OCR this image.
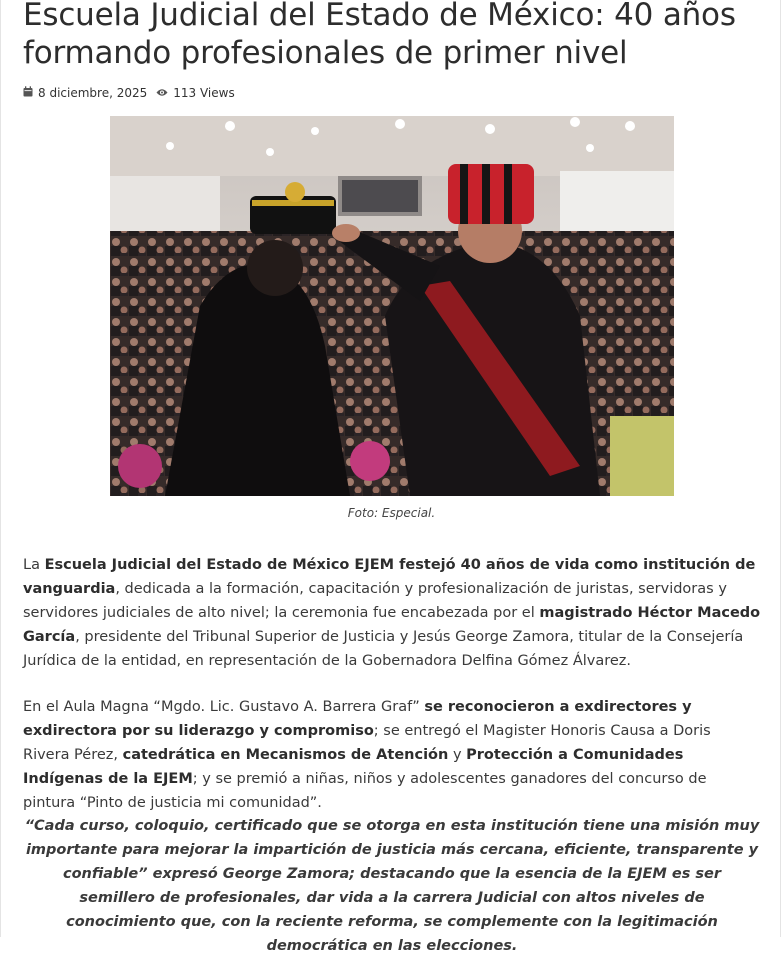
Escuela Judicial del Estado de México: 40 años formando profesionales de primer nivel
8 diciembre, 2025 113 Views
Foto: Especial.

La Escuela Judicial del Estado de México EJEM festejó 40 años de vida como institución de vanguardia, dedicada a la formación, capacitación y profesionalización de juristas, servidoras y servidores judiciales de alto nivel; la ceremonia fue encabezada por el magistrado Héctor Macedo García, presidente del Tribunal Superior de Justicia y Jesús George Zamora, titular de la Consejería Jurídica de la entidad, en representación de la Gobernadora Delfina Gómez Álvarez.

En el Aula Magna “Mgdo. Lic. Gustavo A. Barrera Graf” se reconocieron a exdirectores y exdirectora por su liderazgo y compromiso; se entregó el Magister Honoris Causa a Doris Rivera Pérez, catedrática en Mecanismos de Atención y Protección a Comunidades Indígenas de la EJEM; y se premió a niñas, niños y adolescentes ganadores del concurso de pintura “Pinto de justicia mi comunidad”.

“Cada curso, coloquio, certificado que se otorga en esta institución tiene una misión muy importante para mejorar la impartición de justicia más cercana, eficiente, transparente y confiable” expresó George Zamora; destacando que la esencia de la EJEM es ser semillero de profesionales, dar vida a la carrera Judicial con altos niveles de conocimiento que, con la reciente reforma, se complemente con la legitimación democrática en las elecciones.
